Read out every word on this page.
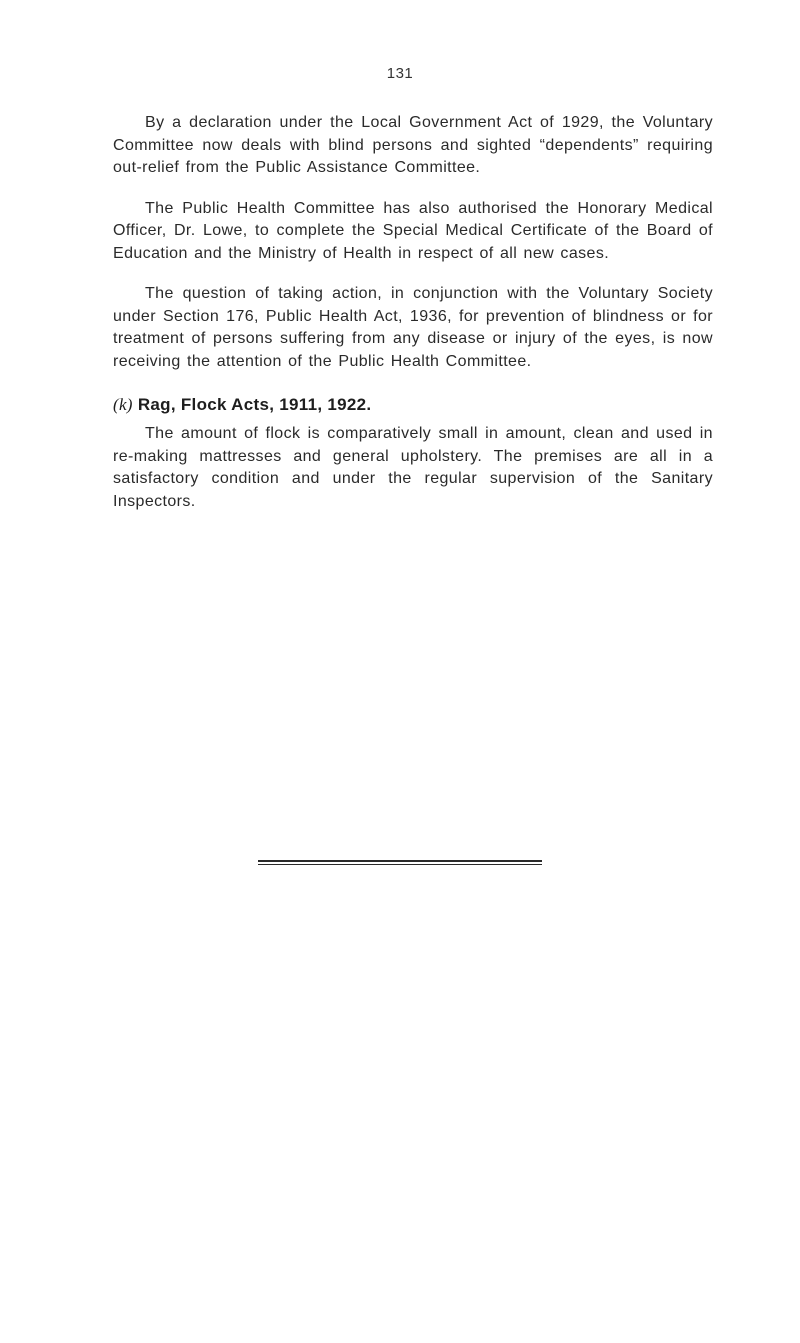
131

By a declaration under the Local Government Act of 1929, the Voluntary Committee now deals with blind persons and sighted “dependents” requiring out-relief from the Public Assistance Committee.

The Public Health Committee has also authorised the Honorary Medical Officer, Dr. Lowe, to complete the Special Medical Certificate of the Board of Education and the Ministry of Health in respect of all new cases.

The question of taking action, in conjunction with the Voluntary Society under Section 176, Public Health Act, 1936, for prevention of blindness or for treatment of persons suffering from any disease or injury of the eyes, is now receiving the attention of the Public Health Committee.

(k) Rag, Flock Acts, 1911, 1922.

The amount of flock is comparatively small in amount, clean and used in re-making mattresses and general upholstery. The premises are all in a satisfactory condition and under the regular supervision of the Sanitary Inspectors.
